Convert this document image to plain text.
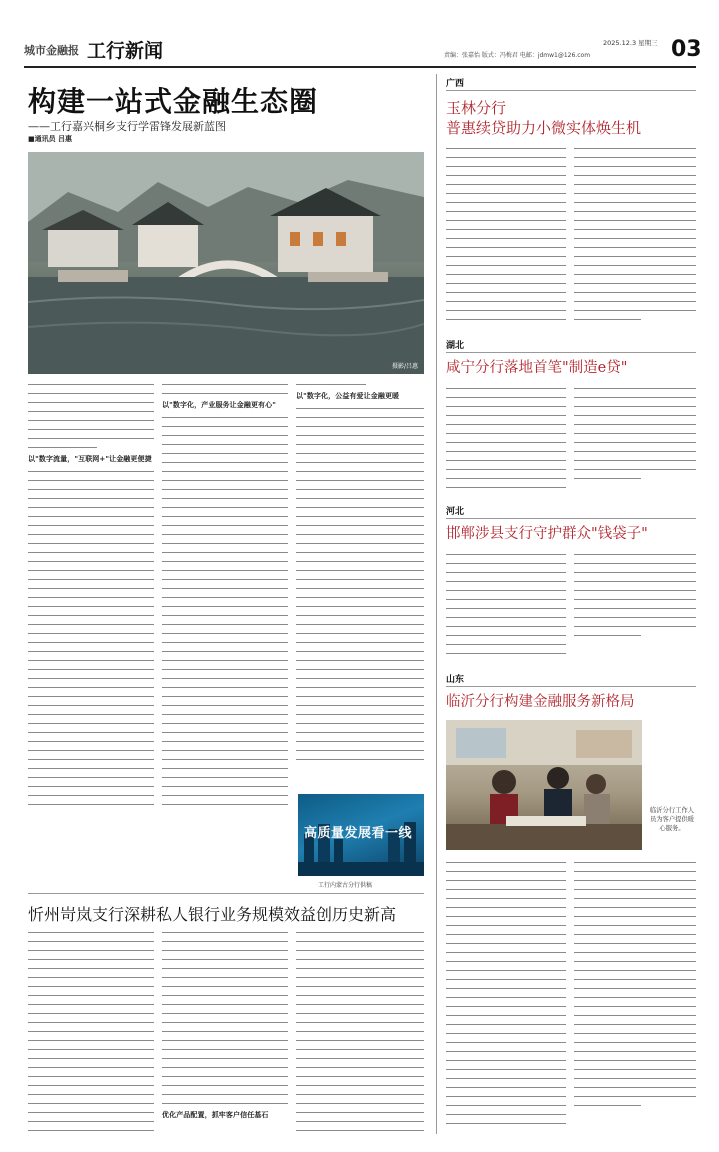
城市金融报 工行新闻	2025.12.3 星期三
责编：张嘉怡 版式：冯梅君 电邮：jdmw1@126.com	03
构建一站式金融生态圈
——工行嘉兴桐乡支行学雷锋发展新蓝图
■通讯员 吕惠
摄影/吕惠
以"数字流量，"互联网+"让金融更便捷
以"数字化，产业服务让金融更有心"
以"数字化，公益有爱让金融更暖
高质量发展看一线
工行内蒙古分行供稿
忻州岢岚支行深耕私人银行业务规模效益创历史新高
优化产品配置，抓牢客户信任基石
广西
玉林分行
普惠续贷助力小微实体焕生机
湖北
咸宁分行落地首笔"制造e贷"
河北
邯郸涉县支行守护群众"钱袋子"
山东
临沂分行构建金融服务新格局
临沂分行工作人员为客户提供暖心服务。
